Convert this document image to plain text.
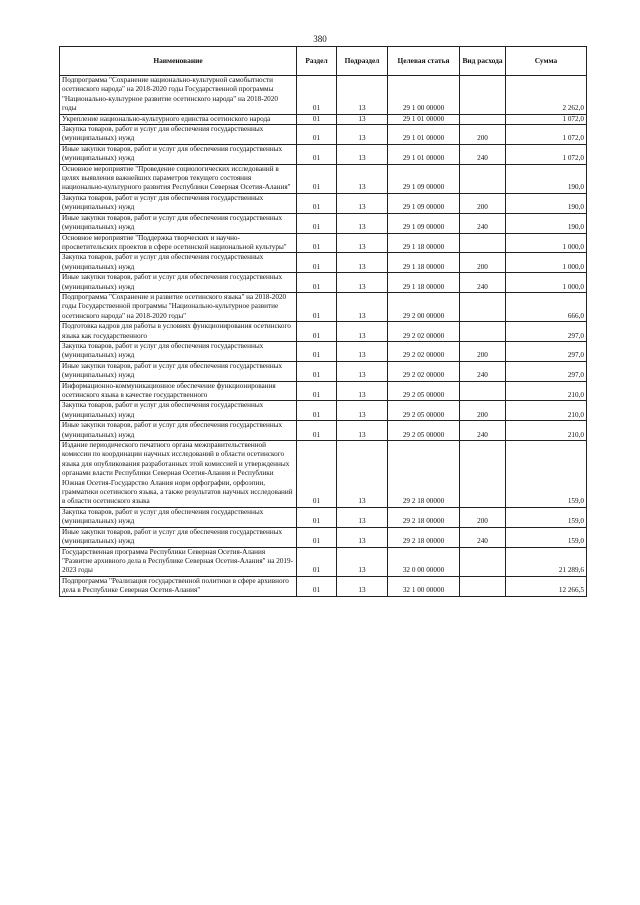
380
Наименование	Раздел	Подраздел	Целевая статья	Вид расхода	Сумма
Подпрограмма "Сохранение национально-культурной самобытности осетинского народа" на 2018-2020 годы Государственной программы "Национально-культурное развитие осетинского народа" на 2018-2020 годы	01	13	29 1 00 00000		2 262,0
Укрепление национально-культурного единства осетинского народа	01	13	29 1 01 00000		1 072,0
Закупка товаров, работ и услуг для обеспечения государственных (муниципальных) нужд	01	13	29 1 01 00000	200	1 072,0
Иные закупки товаров, работ и услуг для обеспечения государственных (муниципальных) нужд	01	13	29 1 01 00000	240	1 072,0
Основное мероприятие "Проведение социологических исследований в целях выявления важнейших параметров текущего состояния национально-культурного развития Республики Северная Осетия-Алания"	01	13	29 1 09 00000		190,0
Закупка товаров, работ и услуг для обеспечения государственных (муниципальных) нужд	01	13	29 1 09 00000	200	190,0
Иные закупки товаров, работ и услуг для обеспечения государственных (муниципальных) нужд	01	13	29 1 09 00000	240	190,0
Основное мероприятие "Поддержка творческих и научно-просветительских проектов в сфере осетинской национальной культуры"	01	13	29 1 18 00000		1 000,0
Закупка товаров, работ и услуг для обеспечения государственных (муниципальных) нужд	01	13	29 1 18 00000	200	1 000,0
Иные закупки товаров, работ и услуг для обеспечения государственных (муниципальных) нужд	01	13	29 1 18 00000	240	1 000,0
Подпрограмма "Сохранение и развитие осетинского языка" на 2018-2020 годы Государственной программы "Национально-культурное развитие осетинского народа" на 2018-2020 годы"	01	13	29 2 00 00000		666,0
Подготовка кадров для работы в условиях функционирования осетинского языка как государственного	01	13	29 2 02 00000		297,0
Закупка товаров, работ и услуг для обеспечения государственных (муниципальных) нужд	01	13	29 2 02 00000	200	297,0
Иные закупки товаров, работ и услуг для обеспечения государственных (муниципальных) нужд	01	13	29 2 02 00000	240	297,0
Информационно-коммуникационное обеспечение функционирования осетинского языка в качестве государственного	01	13	29 2 05 00000		210,0
Закупка товаров, работ и услуг для обеспечения государственных (муниципальных) нужд	01	13	29 2 05 00000	200	210,0
Иные закупки товаров, работ и услуг для обеспечения государственных (муниципальных) нужд	01	13	29 2 05 00000	240	210,0
Издание периодического печатного органа межправительственной комиссии по координации научных исследований в области осетинского языка для опубликования разработанных этой комиссией и утвержденных органами власти Республики Северная Осетия-Алания и Республики Южная Осетия-Государство Алания норм орфографии, орфоэпии, грамматики осетинского языка, а также результатов научных исследований в области осетинского языка	01	13	29 2 18 00000		159,0
Закупка товаров, работ и услуг для обеспечения государственных (муниципальных) нужд	01	13	29 2 18 00000	200	159,0
Иные закупки товаров, работ и услуг для обеспечения государственных (муниципальных) нужд	01	13	29 2 18 00000	240	159,0
Государственная программа Республики Северная Осетия-Алания "Развитие архивного дела в Республике Северная Осетия-Алания" на 2019-2023 годы	01	13	32 0 00 00000		21 289,6
Подпрограмма "Реализация государственной политики в сфере архивного дела в Республике Северная Осетия-Алания"	01	13	32 1 00 00000		12 266,5
